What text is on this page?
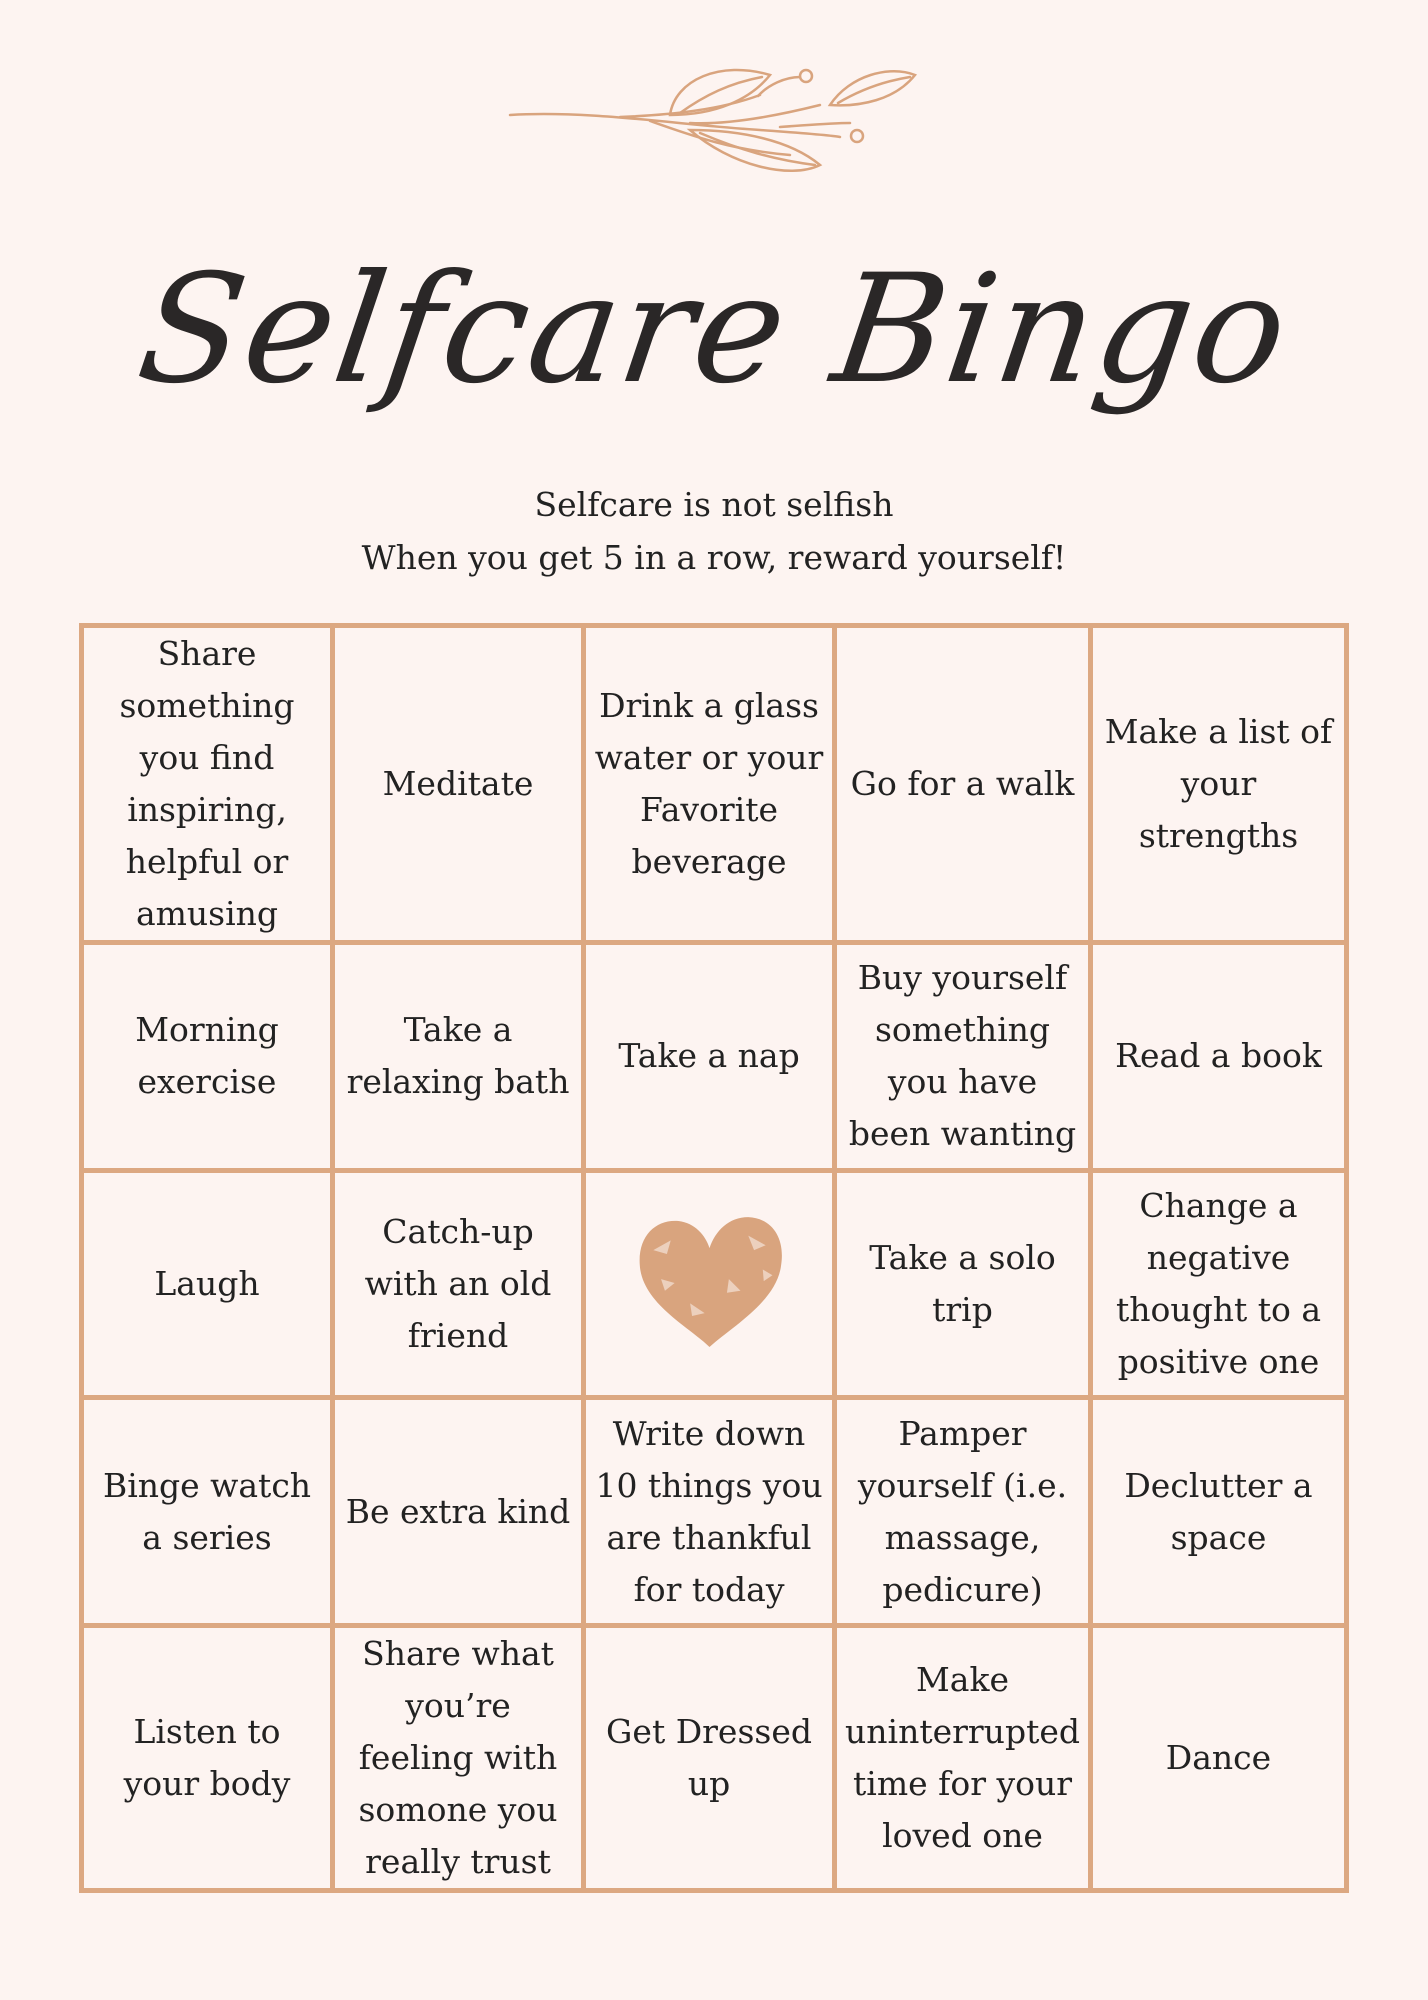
Selfcare Bingo
Selfcare is not selfish
When you get 5 in a row, reward yourself!
Share something you find inspiring, helpful or amusing
Meditate
Drink a glass water or your Favorite beverage
Go for a walk
Make a list of your strengths
Morning exercise
Take a relaxing bath
Take a nap
Buy yourself something you have been wanting
Read a book
Laugh
Catch-up with an old friend
Take a solo trip
Change a negative thought to a positive one
Binge watch a series
Be extra kind
Write down 10 things you are thankful for today
Pamper yourself (i.e. massage, pedicure)
Declutter a space
Listen to your body
Share what you’re feeling with somone you really trust
Get Dressed up
Make uninterrupted time for your loved one
Dance
